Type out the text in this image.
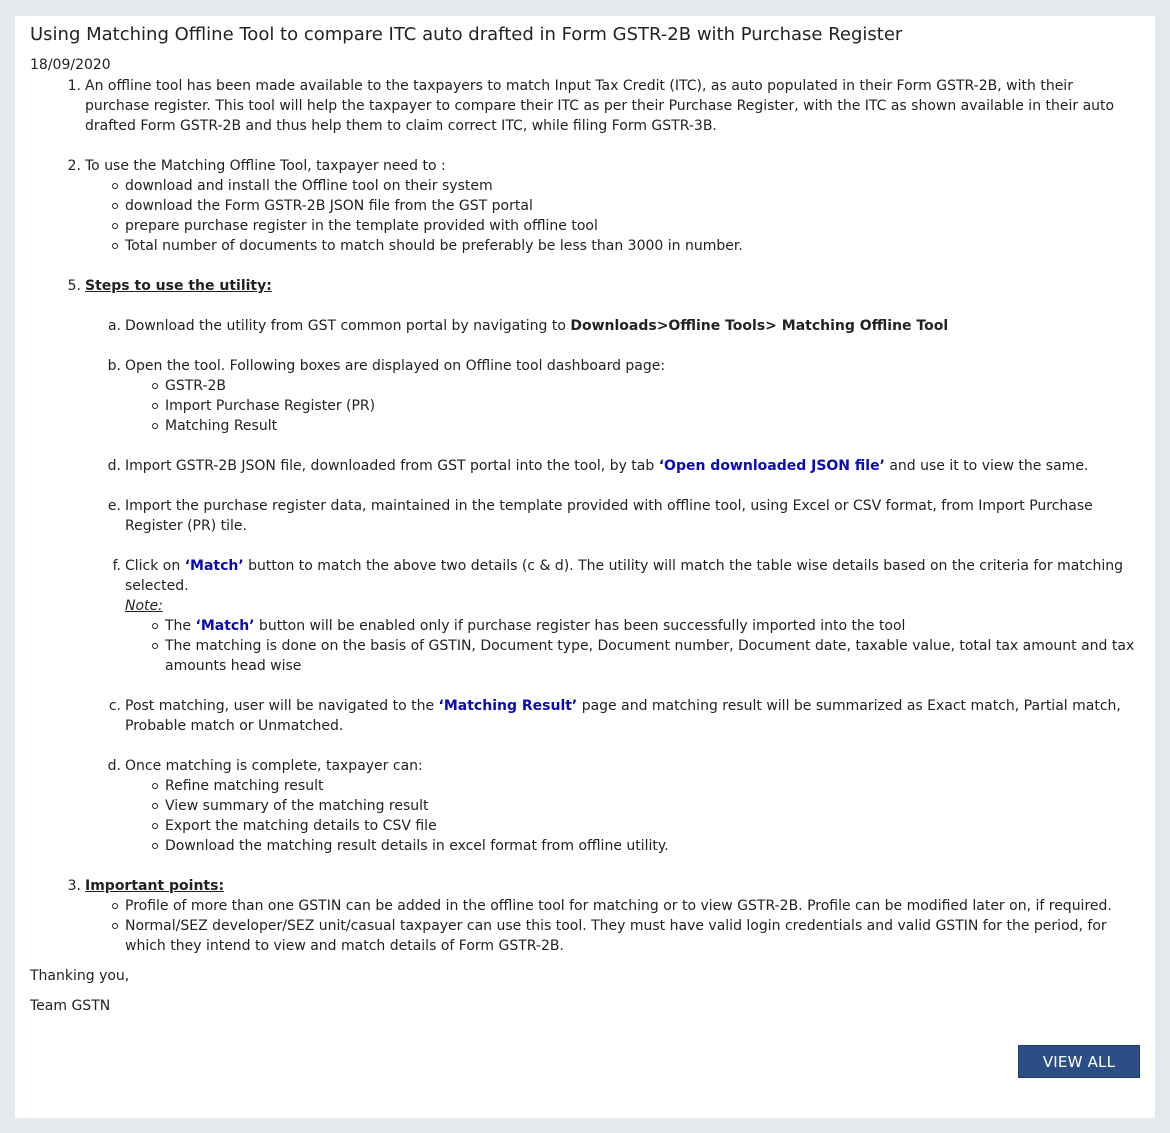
Using Matching Offline Tool to compare ITC auto drafted in Form GSTR-2B with Purchase Register
18/09/2020
1. An offline tool has been made available to the taxpayers to match Input Tax Credit (ITC), as auto populated in their Form GSTR-2B, with their purchase register. This tool will help the taxpayer to compare their ITC as per their Purchase Register, with the ITC as shown available in their auto drafted Form GSTR-2B and thus help them to claim correct ITC, while filing Form GSTR-3B.
2. To use the Matching Offline Tool, taxpayer need to :
download and install the Offline tool on their system
download the Form GSTR-2B JSON file from the GST portal
prepare purchase register in the template provided with offline tool
Total number of documents to match should be preferably be less than 3000 in number.
5. Steps to use the utility:
a. Download the utility from GST common portal by navigating to Downloads>Offline Tools> Matching Offline Tool
b. Open the tool. Following boxes are displayed on Offline tool dashboard page:
GSTR-2B
Import Purchase Register (PR)
Matching Result
d. Import GSTR-2B JSON file, downloaded from GST portal into the tool, by tab ‘Open downloaded JSON file’ and use it to view the same.
e. Import the purchase register data, maintained in the template provided with offline tool, using Excel or CSV format, from Import Purchase Register (PR) tile.
f. Click on ‘Match’ button to match the above two details (c & d). The utility will match the table wise details based on the criteria for matching selected.
Note:
The ‘Match’ button will be enabled only if purchase register has been successfully imported into the tool
The matching is done on the basis of GSTIN, Document type, Document number, Document date, taxable value, total tax amount and tax amounts head wise
c. Post matching, user will be navigated to the ‘Matching Result’ page and matching result will be summarized as Exact match, Partial match, Probable match or Unmatched.
d. Once matching is complete, taxpayer can:
Refine matching result
View summary of the matching result
Export the matching details to CSV file
Download the matching result details in excel format from offline utility.
3. Important points:
Profile of more than one GSTIN can be added in the offline tool for matching or to view GSTR-2B. Profile can be modified later on, if required.
Normal/SEZ developer/SEZ unit/casual taxpayer can use this tool. They must have valid login credentials and valid GSTIN for the period, for which they intend to view and match details of Form GSTR-2B.
Thanking you,
Team GSTN
VIEW ALL
